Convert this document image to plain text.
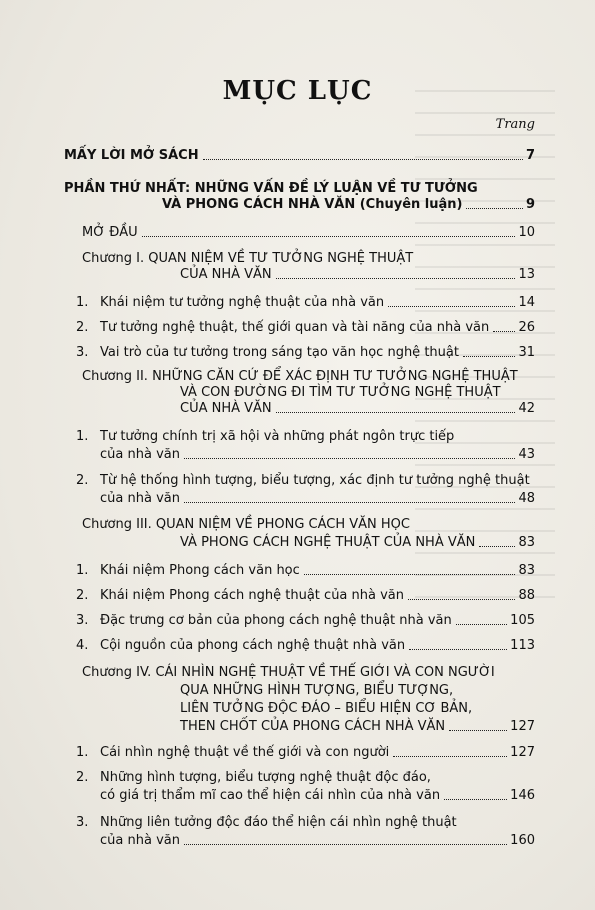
MỤC LỤC
Trang
MẤY LỜI MỞ SÁCH	7
PHẦN THỨ NHẤT: NHỮNG VẤN ĐỀ LÝ LUẬN VỀ TƯ TƯỞNG
VÀ PHONG CÁCH NHÀ VĂN (Chuyên luận)	9
MỞ ĐẦU	10
Chương I. QUAN NIỆM VỀ TƯ TƯỞNG NGHỆ THUẬT
CỦA NHÀ VĂN	13
1. Khái niệm tư tưởng nghệ thuật của nhà văn	14
2. Tư tưởng nghệ thuật, thế giới quan và tài năng của nhà văn 26
3. Vai trò của tư tưởng trong sáng tạo văn học nghệ thuật	31
Chương II. NHỮNG CĂN CỨ ĐỂ XÁC ĐỊNH TƯ TƯỞNG NGHỆ THUẬT
VÀ CON ĐƯỜNG ĐI TÌM TƯ TƯỞNG NGHỆ THUẬT
CỦA NHÀ VĂN	42
1. Tư tưởng chính trị xã hội và những phát ngôn trực tiếp
của nhà văn	43
2. Từ hệ thống hình tượng, biểu tượng, xác định tư tưởng nghệ thuật
của nhà văn	48
Chương III. QUAN NIỆM VỀ PHONG CÁCH VĂN HỌC
VÀ PHONG CÁCH NGHỆ THUẬT CỦA NHÀ VĂN	83
1. Khái niệm Phong cách văn học	83
2. Khái niệm Phong cách nghệ thuật của nhà văn	88
3. Đặc trưng cơ bản của phong cách nghệ thuật nhà văn	105
4. Cội nguồn của phong cách nghệ thuật nhà văn	113
Chương IV. CÁI NHÌN NGHỆ THUẬT VỀ THẾ GIỚI VÀ CON NGƯỜI
QUA NHỮNG HÌNH TƯỢNG, BIỂU TƯỢNG,
LIÊN TƯỞNG ĐỘC ĐÁO – BIỂU HIỆN CƠ BẢN,
THEN CHỐT CỦA PHONG CÁCH NHÀ VĂN	127
1. Cái nhìn nghệ thuật về thế giới và con người	127
2. Những hình tượng, biểu tượng nghệ thuật độc đáo,
có giá trị thẩm mĩ cao thể hiện cái nhìn của nhà văn	146
3. Những liên tưởng độc đáo thể hiện cái nhìn nghệ thuật
của nhà văn	160
